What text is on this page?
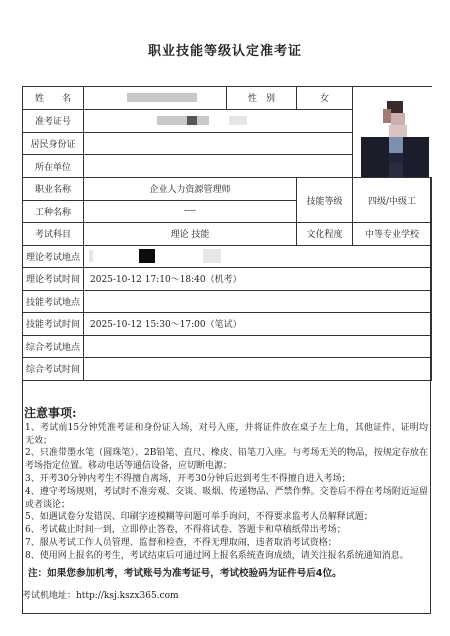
职业技能等级认定准考证
姓　　名		性　别	女	

准考证号				
居民身份证				
所在单位				
职业名称	企业人力资源管理师		技能等级	四级/中级工
工种名称	----			
考试科目	理论 技能		文化程度	中等专业学校
理论考试地点				
理论考试时间	2025-10-12 17:10～18:40（机考）			
技能考试地点				
技能考试时间	2025-10-12 15:30～17:00（笔试）			
综合考试地点				
综合考试时间				
注意事项:
1、考试前15分钟凭准考证和身份证入场，对号入座，并将证件放在桌子左上角，其他证件、证明均无效；
2、只准带墨水笔（圆珠笔）、2B铅笔、直尺、橡皮、铅笔刀入座。与考场无关的物品，按规定存放在考场指定位置。移动电话等通信设备，应切断电源；
3、开考30分钟内考生不得擅自离场，开考30分钟后迟到考生不得擅自进入考场；
4、遵守考场规则，考试时不准旁观、交谈、吸烟、传递物品、严禁作弊。交卷后不得在考场附近逗留或者谈论；
5、如遇试卷分发错误、印刷字迹模糊等问题可举手询问，不得要求监考人员解释试题；
6、考试截止时间一到，立即停止答卷，不得将试卷、答题卡和草稿纸带出考场；
7、服从考试工作人员管理、监督和检查，不得无理取闹，违者取消考试资格；
8、使用网上报名的考生，考试结束后可通过网上报名系统查询成绩，请关注报名系统通知消息。
注：如果您参加机考，考试账号为准考证号，考试校验码为证件号后4位。
考试机地址：http://ksj.kszx365.com
